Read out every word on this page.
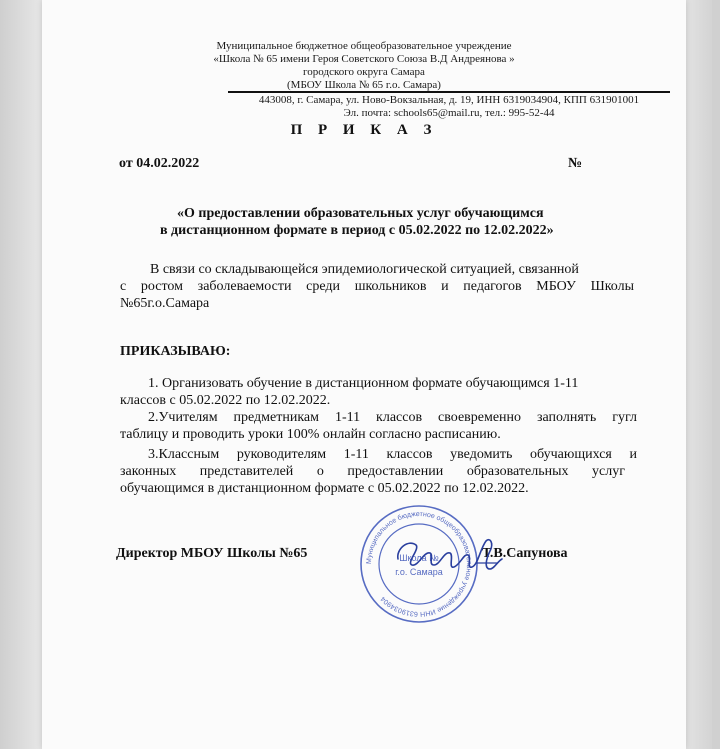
Муниципальное бюджетное общеобразовательное учреждение
«Школа № 65 имени Героя Советского Союза В.Д Андреянова »
городского округа Самара
(МБОУ Школа № 65 г.о. Самара)
443008, г. Самара, ул. Ново-Вокзальная, д. 19, ИНН 6319034904, КПП 631901001
Эл. почта: schools65@mail.ru, тел.: 995-52-44
П Р И К А З
от 04.02.2022	№
«О предоставлении образовательных услуг обучающимся
в дистанционном формате в период с 05.02.2022 по 12.02.2022»
В связи со складывающейся эпидемиологической ситуацией, связанной
с ростом заболеваемости среди школьников и педагогов МБОУ Школы
№65г.о.Самара
ПРИКАЗЫВАЮ:
1. Организовать обучение в дистанционном формате обучающимся 1-11
классов с 05.02.2022 по 12.02.2022.
2.Учителям предметникам 1-11 классов своевременно заполнять гугл
таблицу и проводить уроки 100% онлайн согласно расписанию.
3.Классным руководителям 1-11 классов уведомить обучающихся и
законных представителей о предоставлении образовательных услуг
обучающимся в дистанционном формате с 05.02.2022 по 12.02.2022.
Директор МБОУ Школы №65	Т.В.Сапунова
Муниципальное бюджетное общеобразовательное учреждение ИНН 6319034904
Школа №
г.о. Самара
